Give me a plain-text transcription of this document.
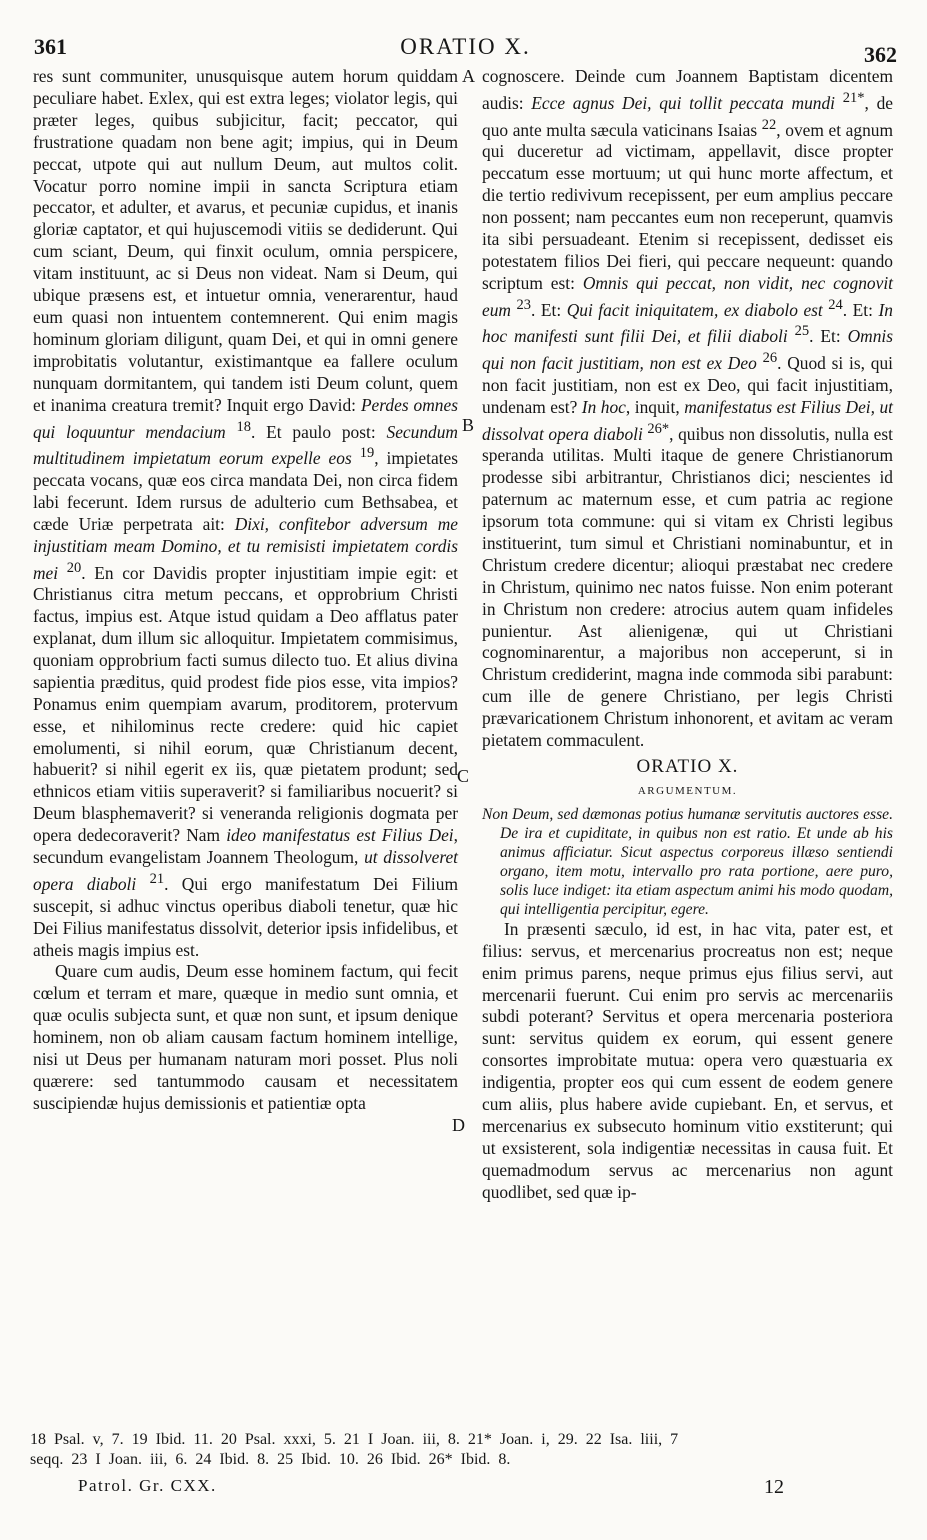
361	ORATIO X.	362
A
B
C
D

res sunt communiter, unusquisque autem horum quiddam peculiare habet. Exlex, qui est extra leges; violator legis, qui præter leges, quibus subjicitur, facit; peccator, qui frustratione quadam non bene agit; impius, qui in Deum peccat, utpote qui aut nullum Deum, aut multos colit. Vocatur porro nomine impii in sancta Scriptura etiam peccator, et adulter, et avarus, et pecuniæ cupidus, et inanis gloriæ captator, et qui hujuscemodi vitiis se dediderunt. Qui cum sciant, Deum, qui finxit oculum, omnia perspicere, vitam instituunt, ac si Deus non videat. Nam si Deum, qui ubique præsens est, et intuetur omnia, venerarentur, haud eum quasi non intuentem contemnerent. Qui enim magis hominum gloriam diligunt, quam Dei, et qui in omni genere improbitatis volutantur, existimantque ea fallere oculum nunquam dormitantem, qui tandem isti Deum colunt, quem et inanima creatura tremit? Inquit ergo David: Perdes omnes qui loquuntur mendacium $^{18}$. Et paulo post: Secundum multitudinem impietatum eorum expelle eos $^{19}$, impietates peccata vocans, quæ eos circa mandata Dei, non circa fidem labi fecerunt. Idem rursus de adulterio cum Bethsabea, et cæde Uriæ perpetrata ait: Dixi, confitebor adversum me injustitiam meam Domino, et tu remisisti impietatem cordis mei $^{20}$. En cor Davidis propter injustitiam impie egit: et Christianus citra metum peccans, et opprobrium Christi factus, impius est. Atque istud quidam a Deo afflatus pater explanat, dum illum sic alloquitur. Impietatem commisimus, quoniam opprobrium facti sumus dilecto tuo. Et alius divina sapientia præditus, quid prodest fide pios esse, vita impios? Ponamus enim quempiam avarum, proditorem, protervum esse, et nihilominus recte credere: quid hic capiet emolumenti, si nihil eorum, quæ Christianum decent, habuerit? si nihil egerit ex iis, quæ pietatem produnt; sed ethnicos etiam vitiis superaverit? si familiaribus nocuerit? si Deum blasphemaverit? si veneranda religionis dogmata per opera dedecoraverit? Nam ideo manifestatus est Filius Dei, secundum evangelistam Joannem Theologum, ut dissolveret opera diaboli $^{21}$. Qui ergo manifestatum Dei Filium suscepit, si adhuc vinctus operibus diaboli tenetur, quæ hic Dei Filius manifestatus dissolvit, deterior ipsis infidelibus, et atheis magis impius est.

Quare cum audis, Deum esse hominem factum, qui fecit cœlum et terram et mare, quæque in medio sunt omnia, et quæ oculis subjecta sunt, et quæ non sunt, et ipsum denique hominem, non ob aliam causam factum hominem intellige, nisi ut Deus per humanam naturam mori posset. Plus noli quærere: sed tantummodo causam et necessitatem suscipiendæ hujus demissionis et patientiæ opta

cognoscere. Deinde cum Joannem Baptistam dicentem audis: Ecce agnus Dei, qui tollit peccata mundi $^{21*}$, de quo ante multa sæcula vaticinans Isaias $^{22}$, ovem et agnum qui duceretur ad victimam, appellavit, disce propter peccatum esse mortuum; ut qui hunc morte affectum, et die tertio redivivum recepissent, per eum amplius peccare non possent; nam peccantes eum non receperunt, quamvis ita sibi persuadeant. Etenim si recepissent, dedisset eis potestatem filios Dei fieri, qui peccare nequeunt: quando scriptum est: Omnis qui peccat, non vidit, nec cognovit eum $^{23}$. Et: Qui facit iniquitatem, ex diabolo est $^{24}$. Et: In hoc manifesti sunt filii Dei, et filii diaboli $^{25}$. Et: Omnis qui non facit justitiam, non est ex Deo $^{26}$. Quod si is, qui non facit justitiam, non est ex Deo, qui facit injustitiam, undenam est? In hoc, inquit, manifestatus est Filius Dei, ut dissolvat opera diaboli $^{26*}$, quibus non dissolutis, nulla est speranda utilitas. Multi itaque de genere Christianorum prodesse sibi arbitrantur, Christianos dici; nescientes id paternum ac maternum esse, et cum patria ac regione ipsorum tota commune: qui si vitam ex Christi legibus instituerint, tum simul et Christiani nominabuntur, et in Christum credere dicentur; alioqui præstabat nec credere in Christum, quinimo nec natos fuisse. Non enim poterant in Christum non credere: atrocius autem quam infideles punientur. Ast alienigenæ, qui ut Christiani cognominarentur, a majoribus non acceperunt, si in Christum crediderint, magna inde commoda sibi parabunt: cum ille de genere Christiano, per legis Christi prævaricationem Christum inhonorent, et avitam ac veram pietatem commaculent.

ORATIO X.
ARGUMENTUM.

Non Deum, sed dæmonas potius humanæ servitutis auctores esse. De ira et cupiditate, in quibus non est ratio. Et unde ab his animus afficiatur. Sicut aspectus corporeus illæso sentiendi organo, item motu, intervallo pro rata portione, aere puro, solis luce indiget: ita etiam aspectum animi his modo quodam, qui intelligentia percipitur, egere.

In præsenti sæculo, id est, in hac vita, pater est, et filius: servus, et mercenarius procreatus non est; neque enim primus parens, neque primus ejus filius servi, aut mercenarii fuerunt. Cui enim pro servis ac mercenariis subdi poterant? Servitus et opera mercenaria posteriora sunt: servitus quidem ex eorum, qui essent genere consortes improbitate mutua: opera vero quæstuaria ex indigentia, propter eos qui cum essent de eodem genere cum aliis, plus habere avide cupiebant. En, et servus, et mercenarius ex subsecuto hominum vitio exstiterunt; qui ut exsisterent, sola indigentiæ necessitas in causa fuit. Et quemadmodum servus ac mercenarius non agunt quodlibet, sed quæ ip-

18 Psal. v, 7. 19 Ibid. 11. 20 Psal. xxxi, 5. 21 I Joan. iii, 8. 21* Joan. i, 29. 22 Isa. liii, 7
seqq. 23 I Joan. iii, 6. 24 Ibid. 8. 25 Ibid. 10. 26 Ibid. 26* Ibid. 8.
Patrol. Gr. CXX.	12
